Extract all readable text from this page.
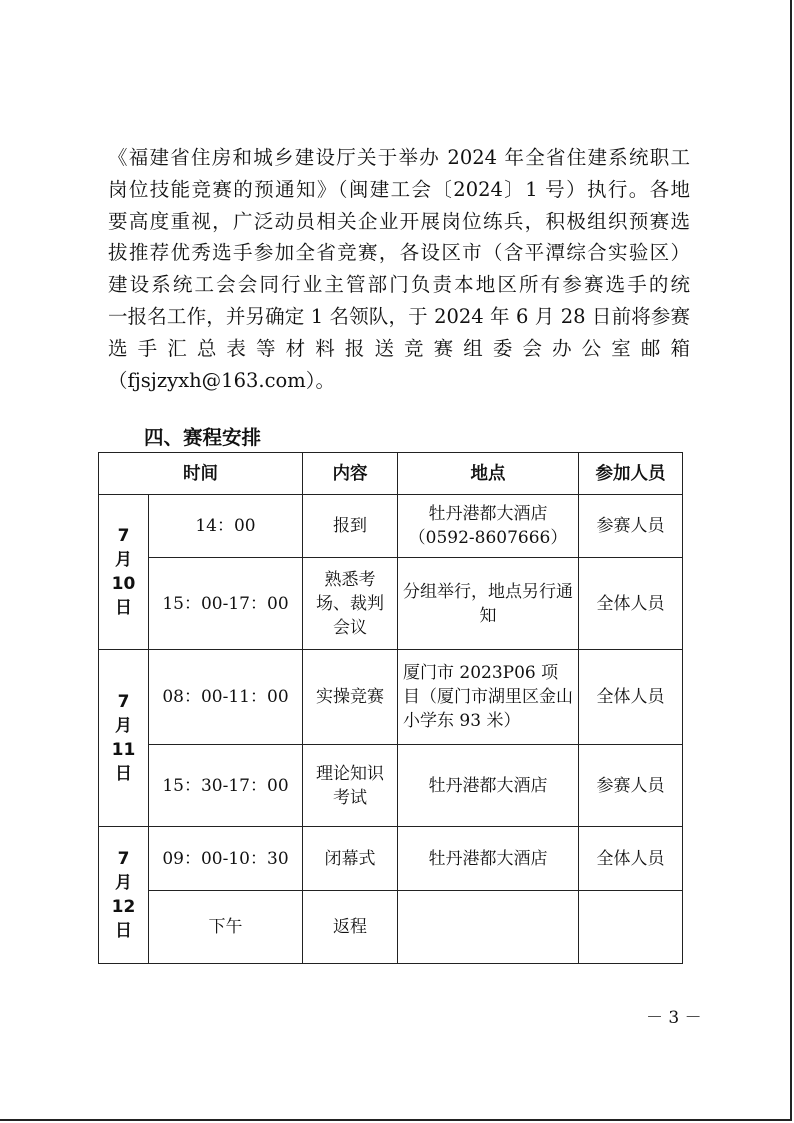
《福建省住房和城乡建设厅关于举办 2024 年全省住建系统职工
岗位技能竞赛的预通知》（闽建工会〔2024〕1 号）执行。各地
要高度重视，广泛动员相关企业开展岗位练兵，积极组织预赛选
拔推荐优秀选手参加全省竞赛，各设区市（含平潭综合实验区）
建设系统工会会同行业主管部门负责本地区所有参赛选手的统
一报名工作，并另确定 1 名领队，于 2024 年 6 月 28 日前将参赛
选手汇总表等材料报送竞赛组委会办公室邮箱
（fjsjzyxh@163.com）。
四、赛程安排
时间		内容	地点	参加人员

7
月
10
日	14：00	报到	牡丹港都大酒店（0592-8607666）	参赛人员
	15：00-17：00	熟悉考场、裁判会议	分组举行，地点另行通知	全体人员

7
月
11
日	08：00-11：00	实操竞赛	厦门市 2023P06 项目（厦门市湖里区金山小学东 93 米）	全体人员
	15：30-17：00	理论知识考试	牡丹港都大酒店	参赛人员

7
月
12
日	09：00-10：30	闭幕式	牡丹港都大酒店	全体人员
	下午	返程		
－ 3 －
